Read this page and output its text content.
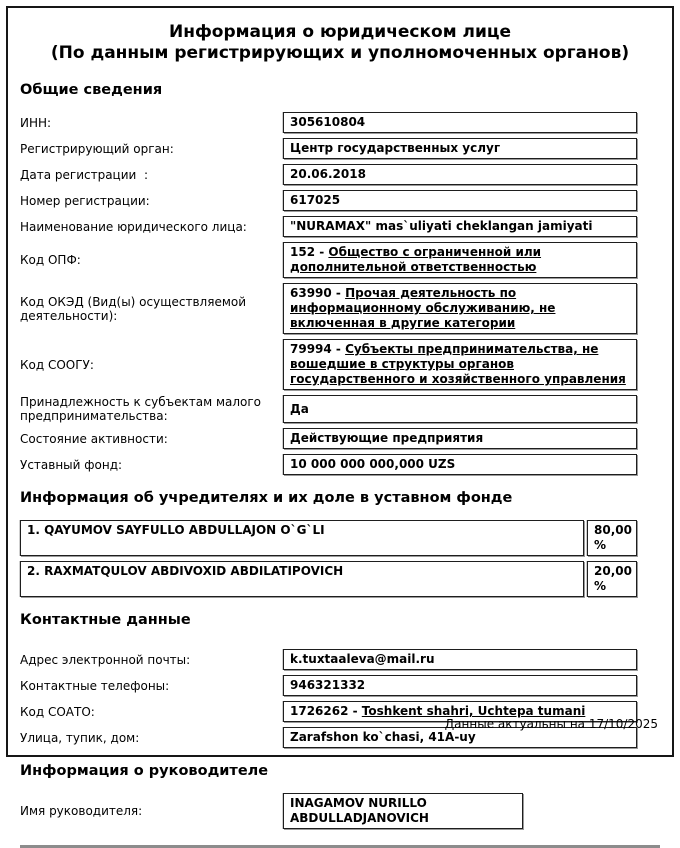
Информация о юридическом лице
(По данным регистрирующих и уполномоченных органов)
Общие сведения
ИНН:	305610804
Регистрирующий орган:	Центр государственных услуг
Дата регистрации  :	20.06.2018
Номер регистрации:	617025
Наименование юридического лица:	"NURAMAX" mas`uliyati cheklangan jamiyati
Код ОПФ:
152 - Общество с ограниченной или дополнительной ответственностью
Код ОКЭД (Вид(ы) осуществляемой деятельности):
63990 - Прочая деятельность по информационному обслуживанию, не включенная в другие категории
Код СООГУ:
79994 - Субъекты предпринимательства, не вошедшие в структуры органов государственного и хозяйственного управления
Принадлежность к субъектам малого предпринимательства:
Да
Состояние активности:	Действующие предприятия
Уставный фонд:	10 000 000 000,000 UZS
Информация об учредителях и их доле в уставном фонде
1. QAYUMOV SAYFULLO ABDULLAJON O`G`LI	80,00 %
2. RAXMATQULOV ABDIVOXID ABDILATIPOVICH	20,00 %
Контактные данные
Адрес электронной почты:	k.tuxtaaleva@mail.ru
Контактные телефоны:	946321332
Код СОАТО:	1726262 - Toshkent shahri, Uchtepa tumani
Улица, тупик, дом:	Zarafshon ko`chasi, 41A-uy
Информация о руководителе
Имя руководителя:
INAGAMOV NURILLO ABDULLADJANOVICH
Данные актуальны на 17/10/2025
